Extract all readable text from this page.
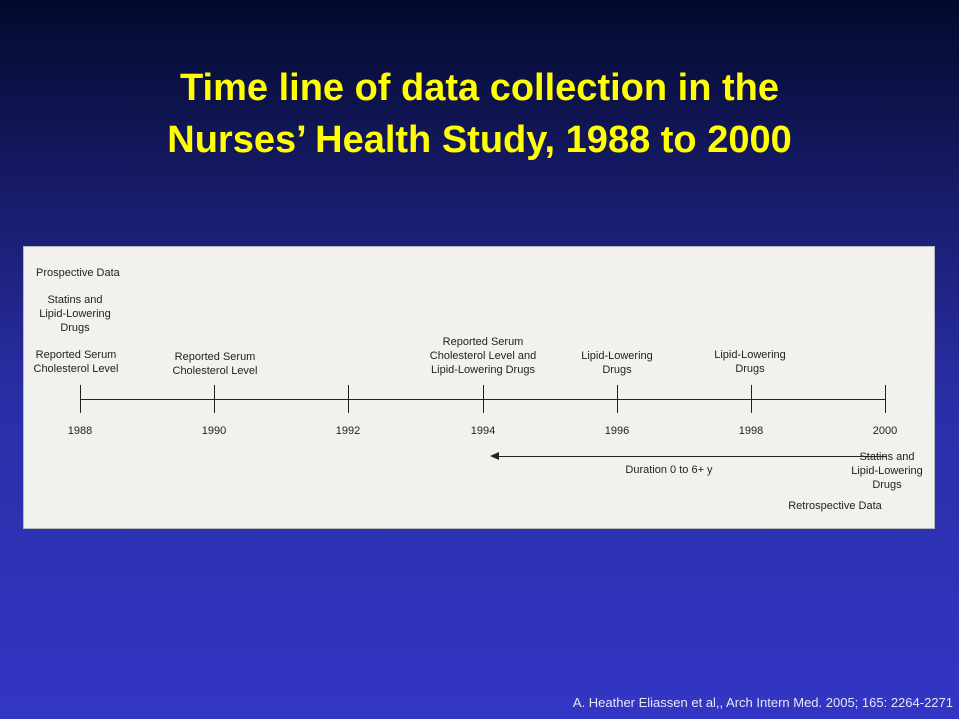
Time line of data collection in the
Nurses’ Health Study, 1988 to 2000
Prospective Data
Statins and
Lipid-Lowering
Drugs
Reported Serum
Cholesterol Level
Reported Serum
Cholesterol Level
Reported Serum
Cholesterol Level and
Lipid-Lowering Drugs
Lipid-Lowering
Drugs
Lipid-Lowering
Drugs
1988	1990	1992	1994	1996	1998	2000
Duration 0 to 6+ y
Statins and
Lipid-Lowering
Drugs
Retrospective Data
A. Heather Eliassen et al,, Arch Intern Med. 2005; 165: 2264-2271
